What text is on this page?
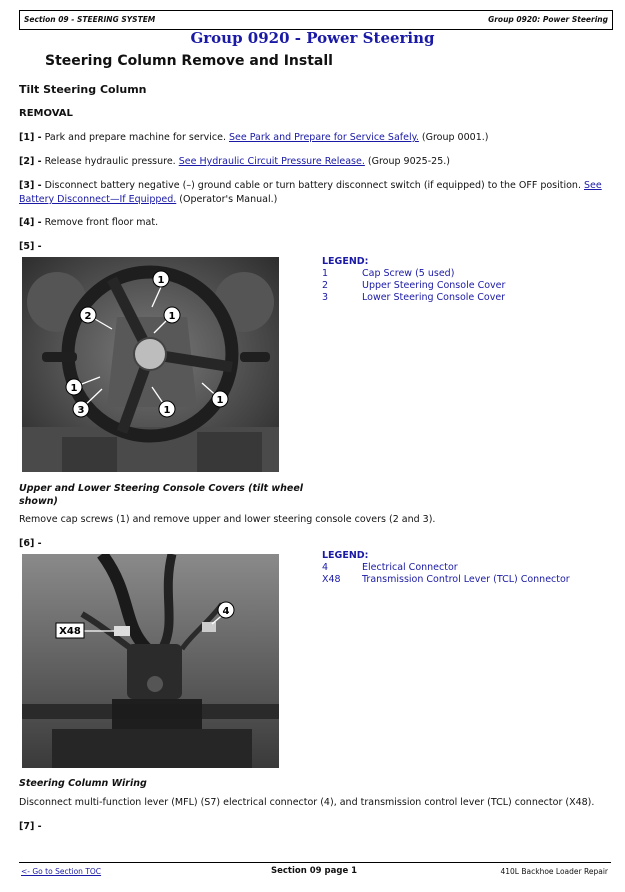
Section 09 - STEERING SYSTEM	Group 0920: Power Steering
Group 0920 - Power Steering
Steering Column Remove and Install
Tilt Steering Column
REMOVAL
[1] - Park and prepare machine for service. See Park and Prepare for Service Safely. (Group 0001.)
[2] - Release hydraulic pressure. See Hydraulic Circuit Pressure Release. (Group 9025-25.)
[3] - Disconnect battery negative (–) ground cable or turn battery disconnect switch (if equipped) to the OFF position. See
Battery Disconnect—If Equipped. (Operator's Manual.)
[4] - Remove front floor mat.
[5] -
1
1
1
1
1
2
3
LEGEND:
1	Cap Screw (5 used)
2	Upper Steering Console Cover
3	Lower Steering Console Cover
Upper and Lower Steering Console Covers (tilt wheel shown)
Remove cap screws (1) and remove upper and lower steering console covers (2 and 3).
[6] -
4
X48
LEGEND:
4	Electrical Connector
X48 Transmission Control Lever (TCL) Connector
Steering Column Wiring
Disconnect multi-function lever (MFL) (S7) electrical connector (4), and transmission control lever (TCL) connector (X48).
[7] -
<- Go to Section TOC	Section 09 page 1	410L Backhoe Loader Repair
